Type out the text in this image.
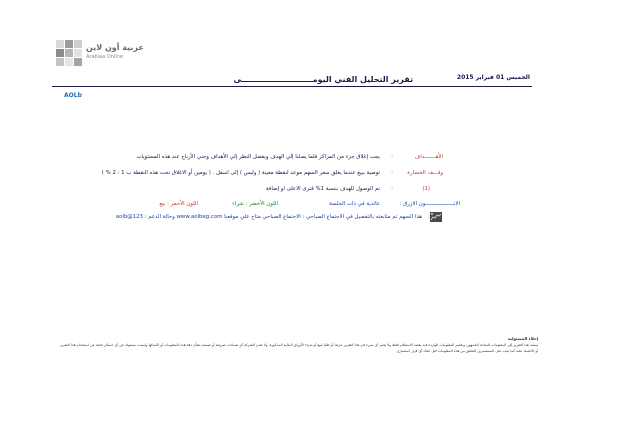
عربية أون لاين
Arabiaa Online
AOLb
تقرير التحليل الفني اليومــــــــــــــــــــــــــى	الخميس 01 فبراير 2015
الأهـــــــداف
:
يجب إغلاق جزء من المراكز فلما يصلنا إلي الهدف ويفضل النظر إلي الأهداف وجني الأرباح عند هذه المستويات
وقـــف الخسارة
:
توصية ببيع عندما يغلق سعر السهم موعد لنقطة معينة ( وليس ) إلى اسفل . ( يومين أو الاغلاق تحت هذه النقطة ب 1 : 2 % )
(1)
:
تم الوصول للهدف بنسبة 1% قترى الاعلى او إضافة
الانــــــــــــــــــون الازرق :
عائدية في ذات الجلسة
اللون الأخضر : شراء
اللون الأحمر : بيع
:
هذا السهم تم متابعته بالتفصيل في الاجتماع الصباحي : الاجتماع الصباحي متاح علي موقعنا www.aolbeg.com وحالة الدعم : aolb@123
إخلاء المسئولية
يستند هذا التقرير إلي المعلومات المتاحة للجمهور، وتخليم المعلومات الواردة فيه بقصد الاستعلام فقط ولا يعتبر أي شيء في هذا التقرير عرضا أو طلبا لبيع أو شراء الأوراق المالية المذكورة، ولا تقدم الشركة أي ضمانات صريحة أو ضمنية بشأن دقة هذه المعلومات أو اكتمالها وليست مسئولة عن أي خسائر ناتجة عن استخدام هذا التقرير أو الاعتماد عليه كما يجب على المستثمرين التحقق من هذه المعلومات قبل اتخاذ أي قرار استثماري
